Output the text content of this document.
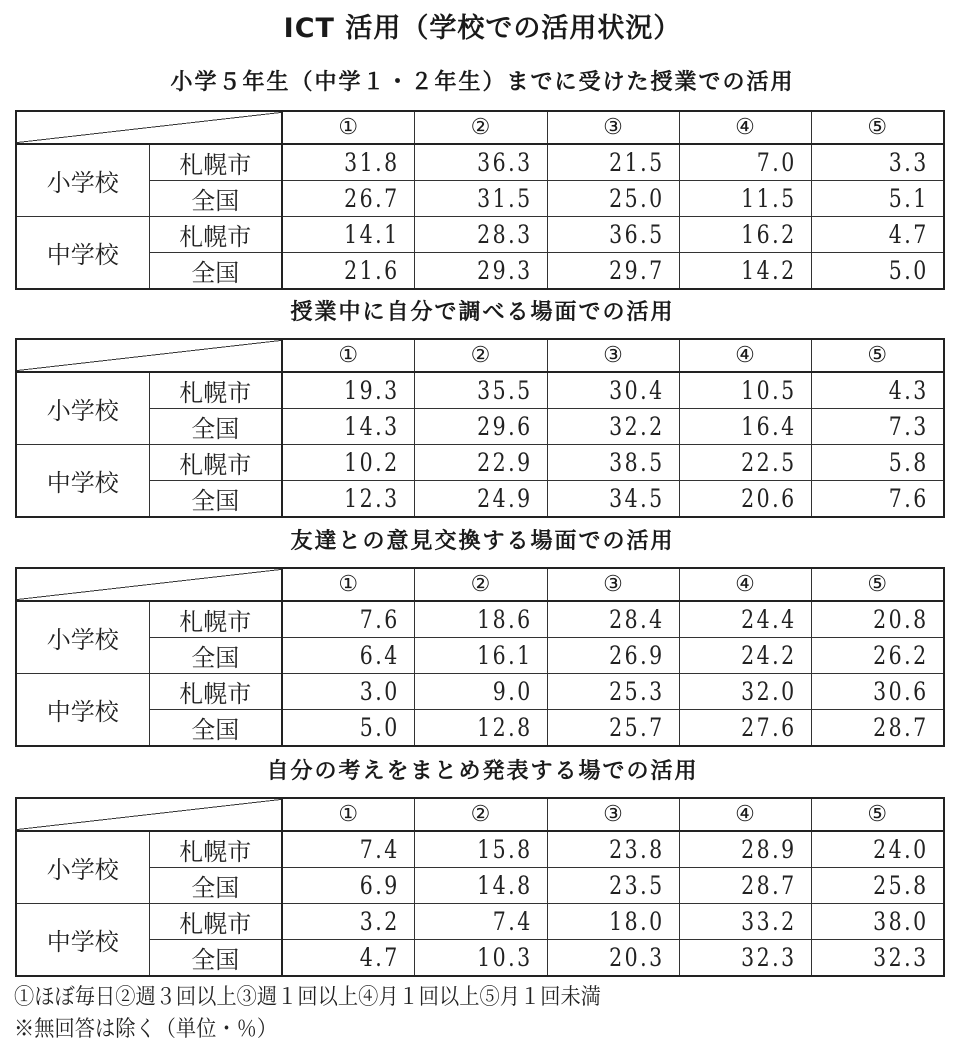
ICT 活用（学校での活用状況）
小学５年生（中学１・２年生）までに受けた授業での活用
授業中に自分で調べる場面での活用
友達との意見交換する場面での活用
自分の考えをまとめ発表する場での活用
		①	②	③	④	⑤
小学校	札幌市	31.8	36.3	21.5	7.0	3.3
	全国	26.7	31.5	25.0	11.5	5.1
中学校	札幌市	14.1	28.3	36.5	16.2	4.7
	全国	21.6	29.3	29.7	14.2	5.0
		①	②	③	④	⑤
小学校	札幌市	19.3	35.5	30.4	10.5	4.3
	全国	14.3	29.6	32.2	16.4	7.3
中学校	札幌市	10.2	22.9	38.5	22.5	5.8
	全国	12.3	24.9	34.5	20.6	7.6
		①	②	③	④	⑤
小学校	札幌市	7.6	18.6	28.4	24.4	20.8
	全国	6.4	16.1	26.9	24.2	26.2
中学校	札幌市	3.0	9.0	25.3	32.0	30.6
	全国	5.0	12.8	25.7	27.6	28.7
		①	②	③	④	⑤
小学校	札幌市	7.4	15.8	23.8	28.9	24.0
	全国	6.9	14.8	23.5	28.7	25.8
中学校	札幌市	3.2	7.4	18.0	33.2	38.0
	全国	4.7	10.3	20.3	32.3	32.3
①ほぼ毎日②週３回以上③週１回以上④月１回以上⑤月１回未満
※無回答は除く（単位・％）
